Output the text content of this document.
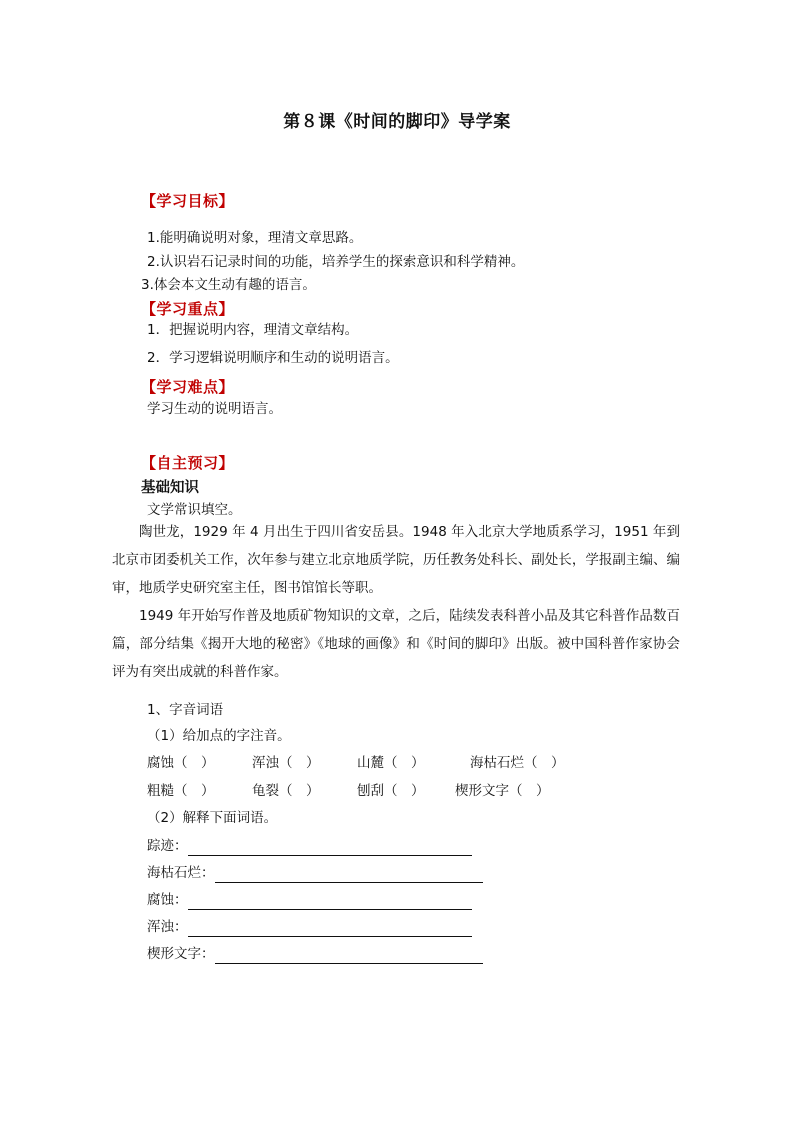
第８课《时间的脚印》导学案
【学习目标】
1.能明确说明对象，理清文章思路。
2.认识岩石记录时间的功能，培养学生的探索意识和科学精神。
3.体会本文生动有趣的语言。
【学习重点】
1．把握说明内容，理清文章结构。
2．学习逻辑说明顺序和生动的说明语言。
【学习难点】
学习生动的说明语言。
【自主预习】
基础知识
文学常识填空。

陶世龙，1929 年 4 月出生于四川省安岳县。1948 年入北京大学地质系学习，1951 年到北京市团委机关工作，次年参与建立北京地质学院，历任教务处科长、副处长，学报副主编、编审，地质学史研究室主任，图书馆馆长等职。

1949 年开始写作普及地质矿物知识的文章，之后，陆续发表科普小品及其它科普作品数百篇，部分结集《揭开大地的秘密》《地球的画像》和《时间的脚印》出版。被中国科普作家协会评为有突出成就的科普作家。

1、字音词语
（1）给加点的字注音。
腐蚀（　）	浑浊（　）	山麓（　）	海枯石烂（　）
粗糙（　）	龟裂（　）	刨刮（　） 楔形文字（　）
（2）解释下面词语。
踪迹：
海枯石烂：
腐蚀：
浑浊：
楔形文字：
